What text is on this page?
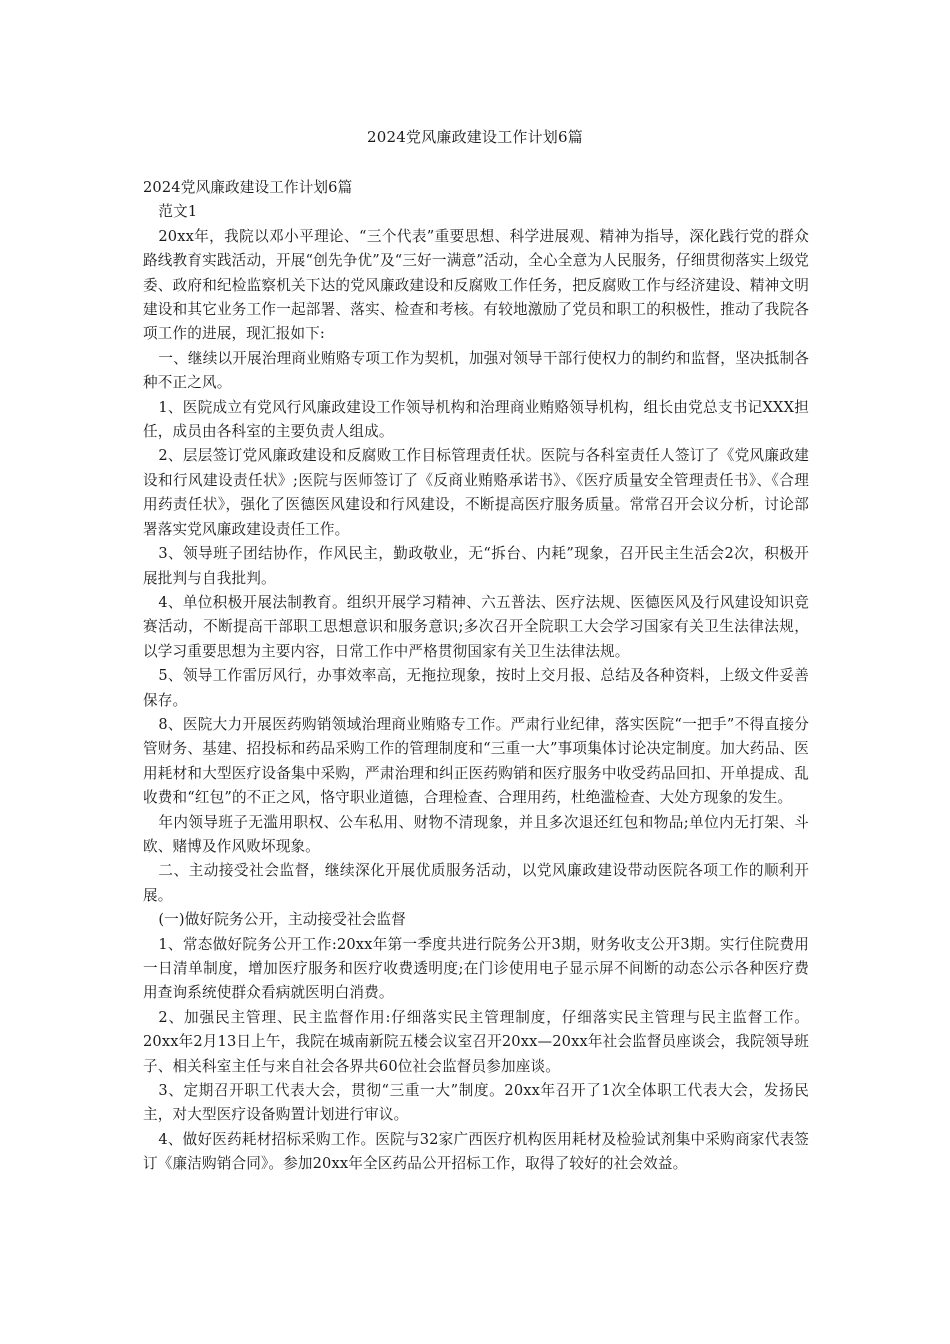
2024党风廉政建设工作计划6篇

2024党风廉政建设工作计划6篇

范文1

20xx年，我院以邓小平理论、“三个代表”重要思想、科学进展观、精神为指导，深化践行党的群众路线教育实践活动，开展“创先争优”及“三好一满意”活动，全心全意为人民服务，仔细贯彻落实上级党委、政府和纪检监察机关下达的党风廉政建设和反腐败工作任务，把反腐败工作与经济建设、精神文明建设和其它业务工作一起部署、落实、检查和考核。有较地激励了党员和职工的积极性，推动了我院各项工作的进展，现汇报如下:

一、继续以开展治理商业贿赂专项工作为契机，加强对领导干部行使权力的制约和监督，坚决抵制各种不正之风。

1、医院成立有党风行风廉政建设工作领导机构和治理商业贿赂领导机构，组长由党总支书记XXX担任，成员由各科室的主要负责人组成。

2、层层签订党风廉政建设和反腐败工作目标管理责任状。医院与各科室责任人签订了《党风廉政建设和行风建设责任状》;医院与医师签订了《反商业贿赂承诺书》、《医疗质量安全管理责任书》、《合理用药责任状》，强化了医德医风建设和行风建设，不断提高医疗服务质量。常常召开会议分析，讨论部署落实党风廉政建设责任工作。

3、领导班子团结协作，作风民主，勤政敬业，无“拆台、内耗”现象，召开民主生活会2次，积极开展批判与自我批判。

4、单位积极开展法制教育。组织开展学习精神、六五普法、医疗法规、医德医风及行风建设知识竞赛活动，不断提高干部职工思想意识和服务意识;多次召开全院职工大会学习国家有关卫生法律法规，以学习重要思想为主要内容，日常工作中严格贯彻国家有关卫生法律法规。

5、领导工作雷厉风行，办事效率高，无拖拉现象，按时上交月报、总结及各种资料，上级文件妥善保存。

8、医院大力开展医药购销领域治理商业贿赂专工作。严肃行业纪律，落实医院“一把手”不得直接分管财务、基建、招投标和药品采购工作的管理制度和“三重一大”事项集体讨论决定制度。加大药品、医用耗材和大型医疗设备集中采购，严肃治理和纠正医药购销和医疗服务中收受药品回扣、开单提成、乱收费和“红包”的不正之风，恪守职业道德，合理检查、合理用药，杜绝滥检查、大处方现象的发生。

年内领导班子无滥用职权、公车私用、财物不清现象，并且多次退还红包和物品;单位内无打架、斗欧、赌博及作风败坏现象。

二、主动接受社会监督，继续深化开展优质服务活动，以党风廉政建设带动医院各项工作的顺利开展。

(一)做好院务公开，主动接受社会监督

1、常态做好院务公开工作:20xx年第一季度共进行院务公开3期，财务收支公开3期。实行住院费用一日清单制度，增加医疗服务和医疗收费透明度;在门诊使用电子显示屏不间断的动态公示各种医疗费用查询系统使群众看病就医明白消费。

2、加强民主管理、民主监督作用:仔细落实民主管理制度，仔细落实民主管理与民主监督工作。20xx年2月13日上午，我院在城南新院五楼会议室召开20xx—20xx年社会监督员座谈会，我院领导班子、相关科室主任与来自社会各界共60位社会监督员参加座谈。

3、定期召开职工代表大会，贯彻“三重一大”制度。20xx年召开了1次全体职工代表大会，发扬民主，对大型医疗设备购置计划进行审议。

4、做好医药耗材招标采购工作。医院与32家广西医疗机构医用耗材及检验试剂集中采购商家代表签订《廉洁购销合同》。参加20xx年全区药品公开招标工作，取得了较好的社会效益。
